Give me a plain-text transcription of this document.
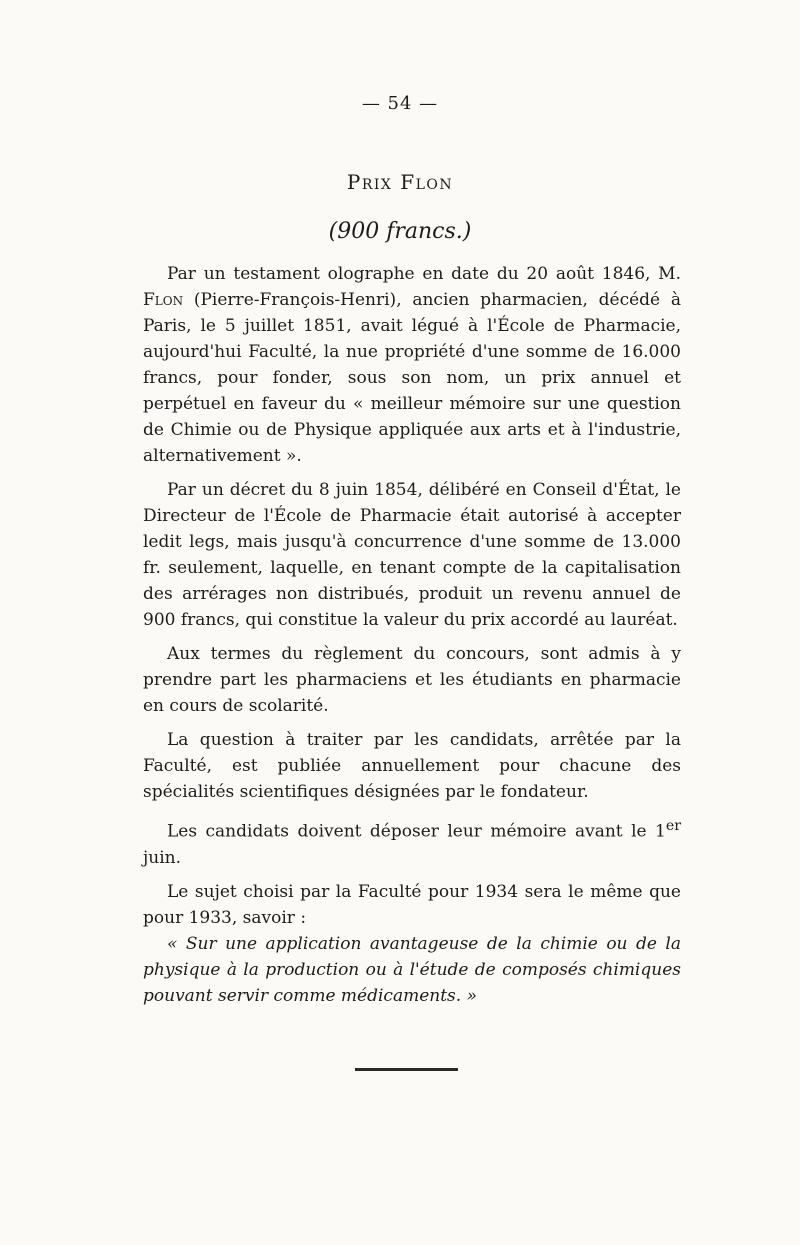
— 54 —
Prix Flon
(900 francs.)

Par un testament olographe en date du 20 août 1846, M. Flon (Pierre-François-Henri), ancien pharmacien, décédé à Paris, le 5 juillet 1851, avait légué à l'École de Pharmacie, aujourd'hui Faculté, la nue propriété d'une somme de 16.000 francs, pour fonder, sous son nom, un prix annuel et perpétuel en faveur du « meilleur mémoire sur une question de Chimie ou de Physique appliquée aux arts et à l'industrie, alternativement ».

Par un décret du 8 juin 1854, délibéré en Conseil d'État, le Directeur de l'École de Pharmacie était autorisé à accepter ledit legs, mais jusqu'à concurrence d'une somme de 13.000 fr. seulement, laquelle, en tenant compte de la capitalisation des arrérages non distribués, produit un revenu annuel de 900 francs, qui constitue la valeur du prix accordé au lauréat.

Aux termes du règlement du concours, sont admis à y prendre part les pharmaciens et les étudiants en pharmacie en cours de scolarité.

La question à traiter par les candidats, arrêtée par la Faculté, est publiée annuellement pour chacune des spécialités scientifiques désignées par le fondateur.

Les candidats doivent déposer leur mémoire avant le 1er juin.

Le sujet choisi par la Faculté pour 1934 sera le même que pour 1933, savoir :

« Sur une application avantageuse de la chimie ou de la physique à la production ou à l'étude de composés chimiques pouvant servir comme médicaments. »
